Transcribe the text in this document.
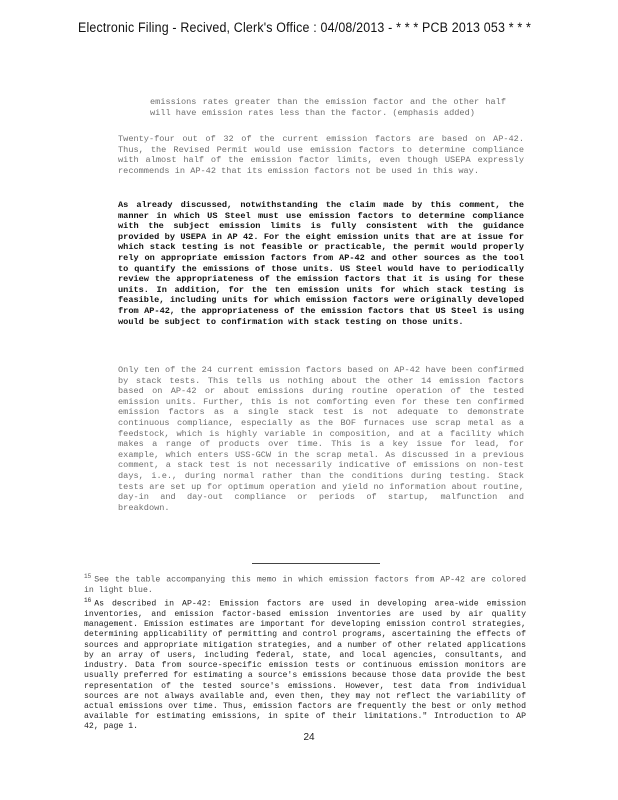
Electronic Filing - Recived, Clerk's Office : 04/08/2013 - * * * PCB 2013 053 * * *
emissions rates greater than the emission factor and the other half will have emission rates less than the factor. (emphasis added)
Twenty-four out of 32 of the current emission factors are based on AP-42. Thus, the Revised Permit would use emission factors to determine compliance with almost half of the emission factor limits, even though USEPA expressly recommends in AP-42 that its emission factors not be used in this way.
As already discussed, notwithstanding the claim made by this comment, the manner in which US Steel must use emission factors to determine compliance with the subject emission limits is fully consistent with the guidance provided by USEPA in AP 42. For the eight emission units that are at issue for which stack testing is not feasible or practicable, the permit would properly rely on appropriate emission factors from AP-42 and other sources as the tool to quantify the emissions of those units. US Steel would have to periodically review the appropriateness of the emission factors that it is using for these units. In addition, for the ten emission units for which stack testing is feasible, including units for which emission factors were originally developed from AP-42, the appropriateness of the emission factors that US Steel is using would be subject to confirmation with stack testing on those units.
Only ten of the 24 current emission factors based on AP-42 have been confirmed by stack tests. This tells us nothing about the other 14 emission factors based on AP-42 or about emissions during routine operation of the tested emission units. Further, this is not comforting even for these ten confirmed emission factors as a single stack test is not adequate to demonstrate continuous compliance, especially as the BOF furnaces use scrap metal as a feedstock, which is highly variable in composition, and at a facility which makes a range of products over time. This is a key issue for lead, for example, which enters USS-GCW in the scrap metal. As discussed in a previous comment, a stack test is not necessarily indicative of emissions on non-test days, i.e., during normal rather than the conditions during testing. Stack tests are set up for optimum operation and yield no information about routine, day-in and day-out compliance or periods of startup, malfunction and breakdown.
$^{15}$ See the table accompanying this memo in which emission factors from AP-42 are colored in light blue.
$^{16}$ As described in AP-42: Emission factors are used in developing area-wide emission inventories, and emission factor-based emission inventories are used by air quality management. Emission estimates are important for developing emission control strategies, determining applicability of permitting and control programs, ascertaining the effects of sources and appropriate mitigation strategies, and a number of other related applications by an array of users, including federal, state, and local agencies, consultants, and industry. Data from source-specific emission tests or continuous emission monitors are usually preferred for estimating a source's emissions because those data provide the best representation of the tested source's emissions. However, test data from individual sources are not always available and, even then, they may not reflect the variability of actual emissions over time. Thus, emission factors are frequently the best or only method available for estimating emissions, in spite of their limitations." Introduction to AP 42, page 1.
24
